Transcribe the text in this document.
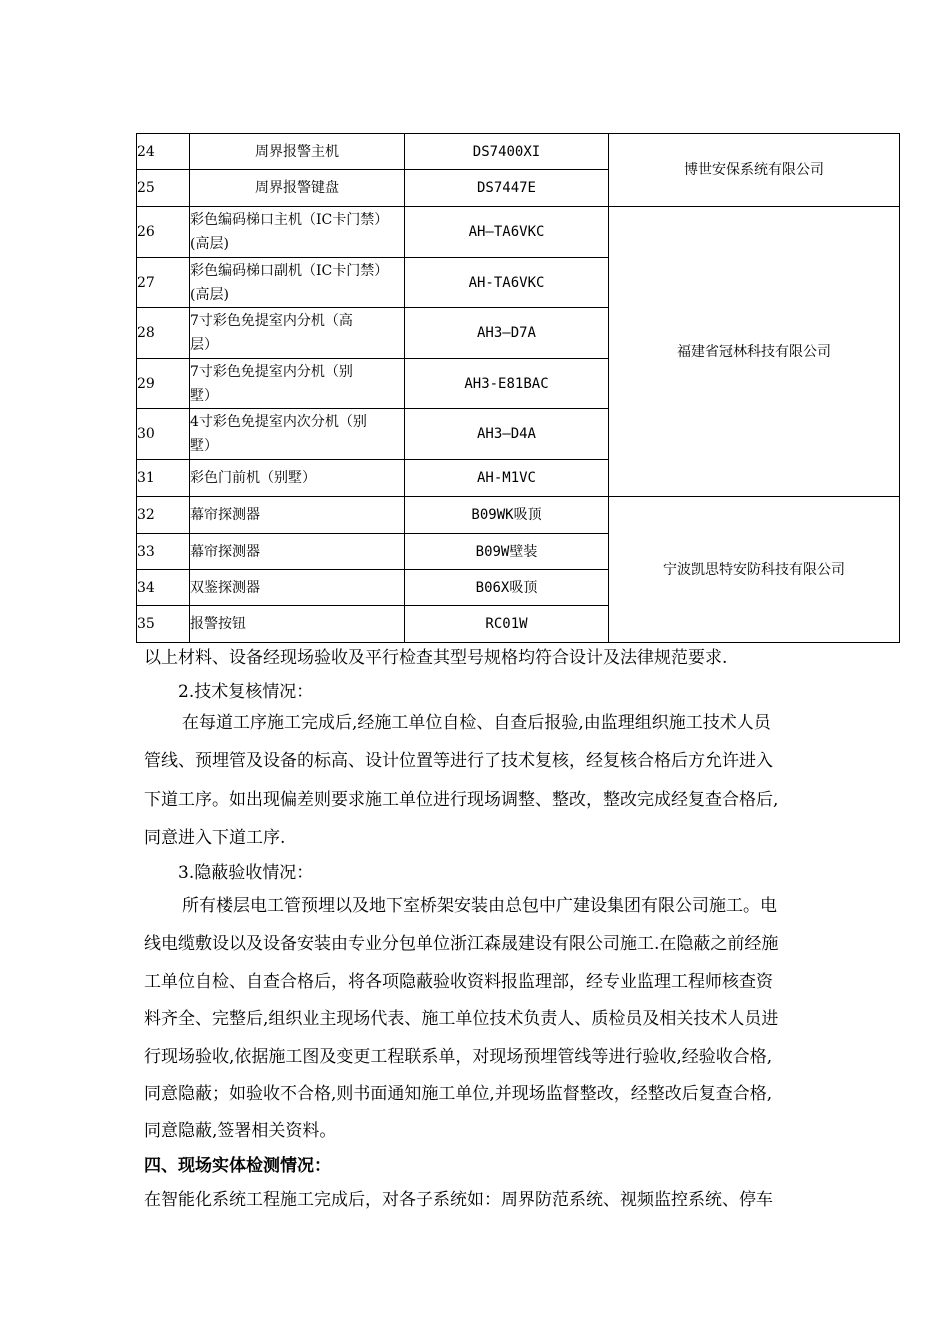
24	周界报警主机	DS7400XI	博世安保系统有限公司
25	周界报警键盘	DS7447E	
26	彩色编码梯口主机（IC卡门禁）(高层)	AH—TA6VKC	福建省冠林科技有限公司
27	彩色编码梯口副机（IC卡门禁）(高层)	AH-TA6VKC	
28	7寸彩色免提室内分机（高层）	AH3—D7A	
29	7寸彩色免提室内分机（别墅）	AH3-E81BAC	
30	4寸彩色免提室内次分机（别墅）	AH3—D4A	
31	彩色门前机（别墅）	AH-M1VC	
32	幕帘探测器	B09WK吸顶	宁波凯思特安防科技有限公司
33	幕帘探测器	B09W壁装	
34	双鉴探测器	B06X吸顶	
35	报警按钮	RC01W	

以上材料、设备经现场验收及平行检查其型号规格均符合设计及法律规范要求.

2.技术复核情况：

在每道工序施工完成后,经施工单位自检、自查后报验,由监理组织施工技术人员

管线、预埋管及设备的标高、设计位置等进行了技术复核，经复核合格后方允许进入

下道工序。如出现偏差则要求施工单位进行现场调整、整改，整改完成经复查合格后,

同意进入下道工序.

3.隐蔽验收情况：

所有楼层电工管预埋以及地下室桥架安装由总包中广建设集团有限公司施工。电

线电缆敷设以及设备安装由专业分包单位浙江森晟建设有限公司施工.在隐蔽之前经施

工单位自检、自查合格后，将各项隐蔽验收资料报监理部，经专业监理工程师核查资

料齐全、完整后,组织业主现场代表、施工单位技术负责人、质检员及相关技术人员进

行现场验收,依据施工图及变更工程联系单，对现场预埋管线等进行验收,经验收合格,

同意隐蔽；如验收不合格,则书面通知施工单位,并现场监督整改，经整改后复查合格,

同意隐蔽,签署相关资料。

四、现场实体检测情况：

在智能化系统工程施工完成后，对各子系统如：周界防范系统、视频监控系统、停车
